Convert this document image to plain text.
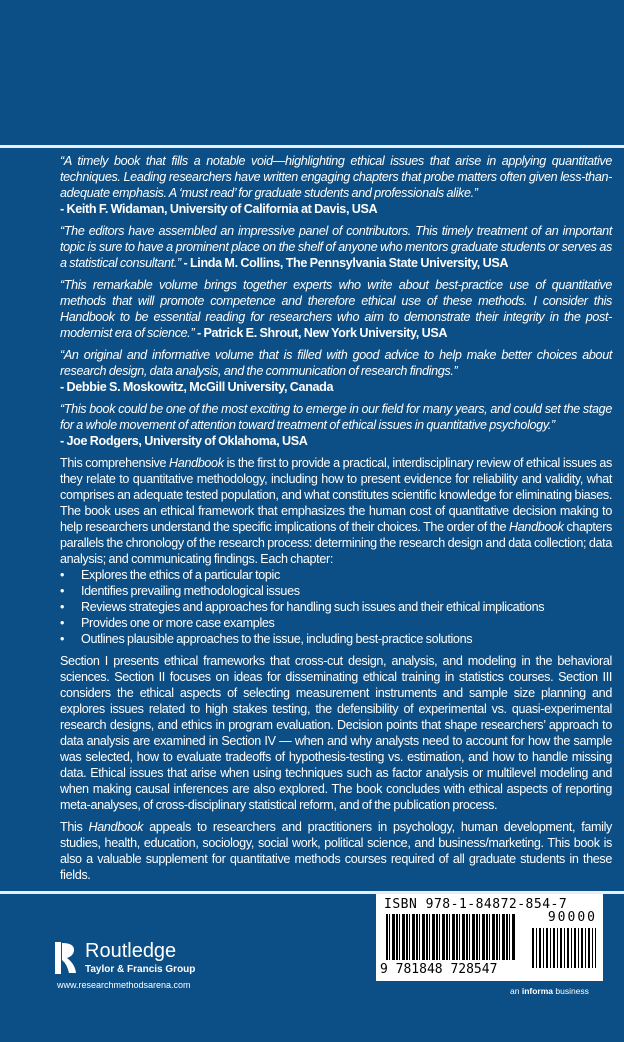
“A timely book that fills a notable void—highlighting ethical issues that arise in applying quantitative techniques. Leading researchers have written engaging chapters that probe matters often given less-than-adequate emphasis. A ‘must read’ for graduate students and professionals alike.”
- Keith F. Widaman, University of California at Davis, USA
“The editors have assembled an impressive panel of contributors. This timely treatment of an important topic is sure to have a prominent place on the shelf of anyone who mentors graduate students or serves as a statistical consultant.” - Linda M. Collins, The Pennsylvania State University, USA
“This remarkable volume brings together experts who write about best-practice use of quantitative methods that will promote competence and therefore ethical use of these methods. I consider this Handbook to be essential reading for researchers who aim to demonstrate their integrity in the post-modernist era of science.” - Patrick E. Shrout, New York University, USA
“An original and informative volume that is filled with good advice to help make better choices about research design, data analysis, and the communication of research findings.”
- Debbie S. Moskowitz, McGill University, Canada
“This book could be one of the most exciting to emerge in our field for many years, and could set the stage for a whole movement of attention toward treatment of ethical issues in quantitative psychology.”
- Joe Rodgers, University of Oklahoma, USA

This comprehensive Handbook is the first to provide a practical, interdisciplinary review of ethical issues as they relate to quantitative methodology, including how to present evidence for reliability and validity, what comprises an adequate tested population, and what constitutes scientific knowledge for eliminating biases. The book uses an ethical framework that emphasizes the human cost of quantitative decision making to help researchers understand the specific implications of their choices. The order of the Handbook chapters parallels the chronology of the research process: determining the research design and data collection; data analysis; and communicating findings. Each chapter:

• Explores the ethics of a particular topic
• Identifies prevailing methodological issues
• Reviews strategies and approaches for handling such issues and their ethical implications
• Provides one or more case examples
• Outlines plausible approaches to the issue, including best-practice solutions

Section I presents ethical frameworks that cross-cut design, analysis, and modeling in the behavioral sciences. Section II focuses on ideas for disseminating ethical training in statistics courses. Section III considers the ethical aspects of selecting measurement instruments and sample size planning and explores issues related to high stakes testing, the defensibility of experimental vs. quasi-experimental research designs, and ethics in program evaluation. Decision points that shape researchers’ approach to data analysis are examined in Section IV — when and why analysts need to account for how the sample was selected, how to evaluate tradeoffs of hypothesis-testing vs. estimation, and how to handle missing data. Ethical issues that arise when using techniques such as factor analysis or multilevel modeling and when making causal inferences are also explored. The book concludes with ethical aspects of reporting meta-analyses, of cross-disciplinary statistical reform, and of the publication process.

This Handbook appeals to researchers and practitioners in psychology, human development, family studies, health, education, sociology, social work, political science, and business/marketing. This book is also a valuable supplement for quantitative methods courses required of all graduate students in these fields.

Routledge
Taylor & Francis Group
www.researchmethodsarena.com
ISBN 978-1-84872-854-7
90000
9 781848 728547
an informa business
